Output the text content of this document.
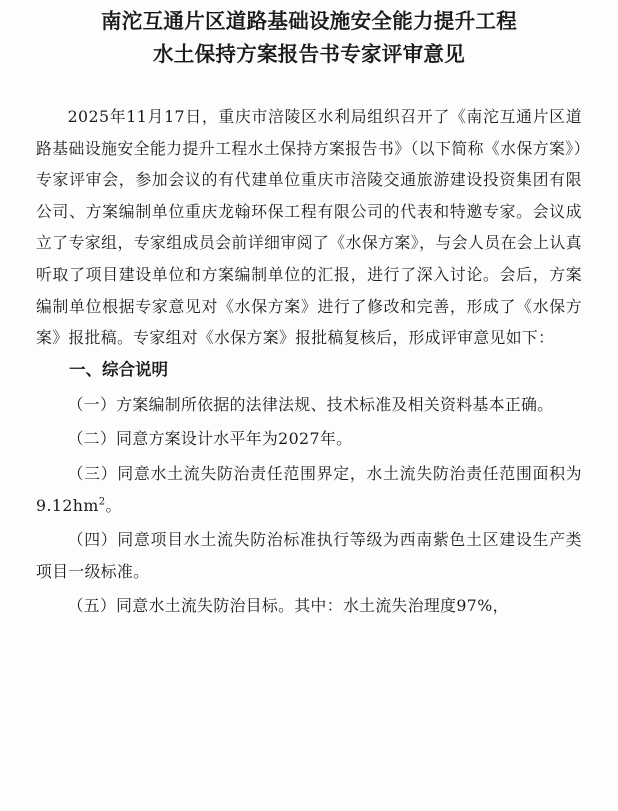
南沱互通片区道路基础设施安全能力提升工程
水土保持方案报告书专家评审意见

2025年11月17日，重庆市涪陵区水利局组织召开了《南沱互通片区道路基础设施安全能力提升工程水土保持方案报告书》（以下简称《水保方案》）专家评审会，参加会议的有代建单位重庆市涪陵交通旅游建设投资集团有限公司、方案编制单位重庆龙翰环保工程有限公司的代表和特邀专家。会议成立了专家组，专家组成员会前详细审阅了《水保方案》，与会人员在会上认真听取了项目建设单位和方案编制单位的汇报，进行了深入讨论。会后，方案编制单位根据专家意见对《水保方案》进行了修改和完善，形成了《水保方案》报批稿。专家组对《水保方案》报批稿复核后，形成评审意见如下：

一、综合说明

（一）方案编制所依据的法律法规、技术标准及相关资料基本正确。

（二）同意方案设计水平年为2027年。

（三）同意水土流失防治责任范围界定，水土流失防治责任范围面积为$9.12hm^2$。

（四）同意项目水土流失防治标准执行等级为西南紫色土区建设生产类项目一级标准。

（五）同意水土流失防治目标。其中：水土流失治理度97%，
